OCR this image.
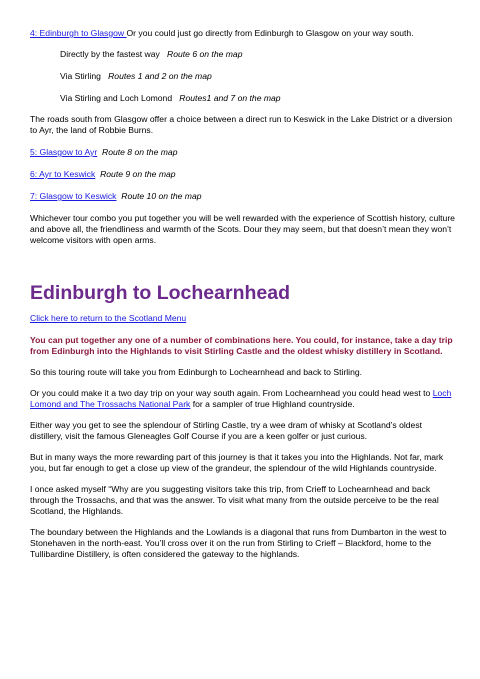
4: Edinburgh to Glasgow Or you could just go directly from Edinburgh to Glasgow on your way south.

Directly by the fastest way Route 6 on the map

Via Stirling Routes 1 and 2 on the map

Via Stirling and Loch Lomond Routes1 and 7 on the map

The roads south from Glasgow offer a choice between a direct run to Keswick in the Lake District or a diversion to Ayr, the land of Robbie Burns.

5: Glasgow to Ayr Route 8 on the map

6: Ayr to Keswick Route 9 on the map

7: Glasgow to Keswick Route 10 on the map

Whichever tour combo you put together you will be well rewarded with the experience of Scottish history, culture and above all, the friendliness and warmth of the Scots. Dour they may seem, but that doesn’t mean they won’t welcome visitors with open arms.

Edinburgh to Lochearnhead

Click here to return to the Scotland Menu

You can put together any one of a number of combinations here. You could, for instance, take a day trip from Edinburgh into the Highlands to visit Stirling Castle and the oldest whisky distillery in Scotland.

So this touring route will take you from Edinburgh to Lochearnhead and back to Stirling.

Or you could make it a two day trip on your way south again. From Lochearnhead you could head west to Loch Lomond and The Trossachs National Park for a sampler of true Highland countryside.

Either way you get to see the splendour of Stirling Castle, try a wee dram of whisky at Scotland’s oldest distillery, visit the famous Gleneagles Golf Course if you are a keen golfer or just curious.

But in many ways the more rewarding part of this journey is that it takes you into the Highlands. Not far, mark you, but far enough to get a close up view of the grandeur, the splendour of the wild Highlands countryside.

I once asked myself “Why are you suggesting visitors take this trip, from Crieff to Lochearnhead and back through the Trossachs, and that was the answer. To visit what many from the outside perceive to be the real Scotland, the Highlands.

The boundary between the Highlands and the Lowlands is a diagonal that runs from Dumbarton in the west to Stonehaven in the north-east. You’ll cross over it on the run from Stirling to Crieff – Blackford, home to the Tullibardine Distillery, is often considered the gateway to the highlands.
